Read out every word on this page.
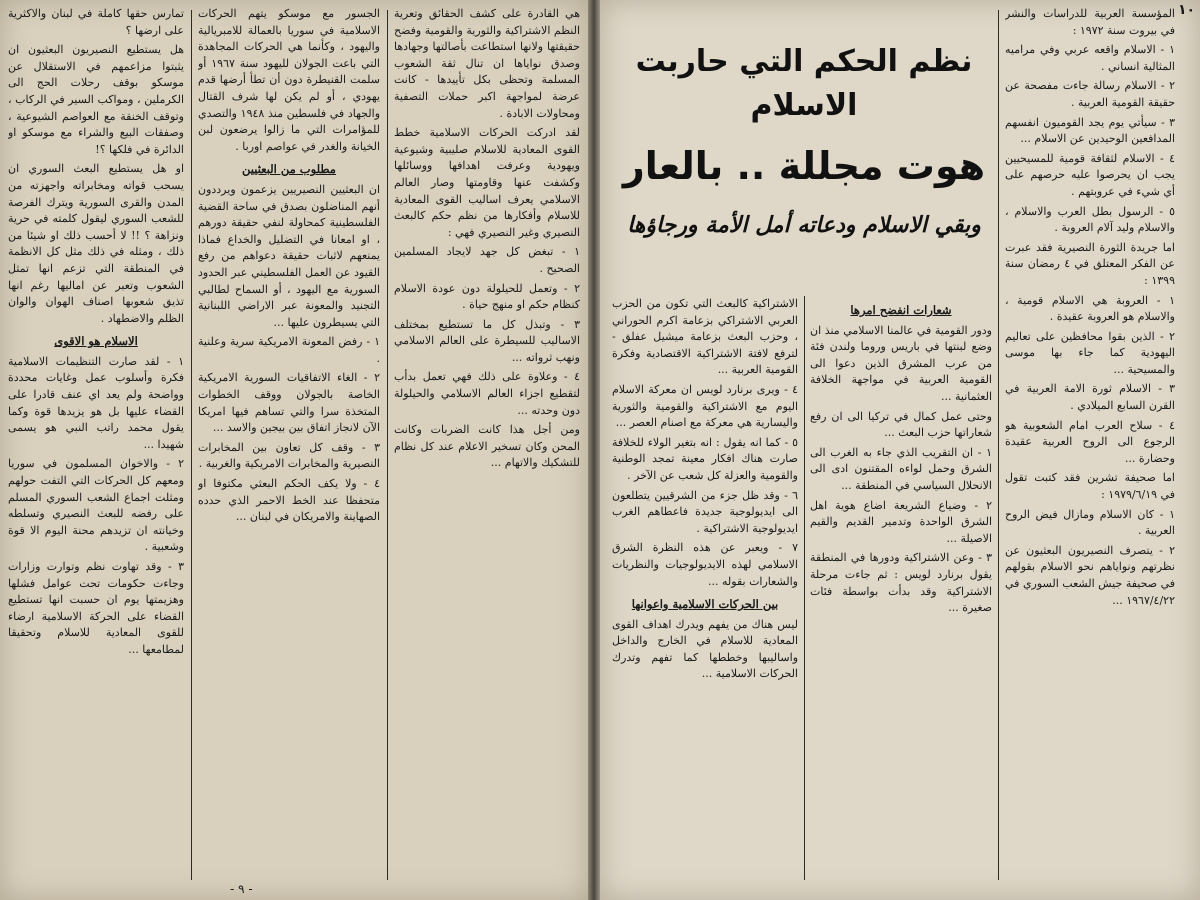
تمارس حقها كاملة في لبنان والاكثرية على ارضها ؟

هل يستطيع النصيريون البعثيون ان يثبتوا مزاعمهم في الاستقلال عن موسكو بوقف رحلات الحج الى الكرملين ، ومواكب السير في الركاب ، وتوقف الخنقة مع العواصم الشيوعية ، وصفقات البيع والشراء مع موسكو او الدائرة في فلكها ؟!

او هل يستطيع البعث السوري ان يسحب قواته ومخابراته واجهزته من المدن والقرى السورية ويترك الفرصة للشعب السوري ليقول كلمته في حرية ونزاهة ؟ !! لا أحسب ذلك او شيئا من ذلك ، ومثله في ذلك مثل كل الانظمة في المنطقة التي تزعم انها تمثل الشعوب وتعبر عن اماليها رغم انها تذيق شعوبها اصناف الهوان والوان الظلم والاضطهاد .

الاسلام هو الاقوى

١ - لقد صارت التنظيمات الاسلامية فكرة وأسلوب عمل وغايات محددة وواضحة ولم يعد اي عنف قادرا على القضاء عليها بل هو يزيدها قوة وكما يقول محمد راتب النبي هو يسمى شهيدا ...

٢ - والاخوان المسلمون في سوريا ومعهم كل الحركات التي التفت حولهم ومثلت اجماع الشعب السوري المسلم على رفضه للبعث النصيري وتسلطه وخيانته ان تزيدهم محنة اليوم الا قوة وشعبية .

٣ - وقد تهاوت نظم وتوارت وزارات وجاءت حكومات تحت عوامل فشلها وهزيمتها يوم ان حسبت انها تستطيع القضاء على الحركة الاسلامية ارضاء للقوى المعادية للاسلام وتحقيقا لمطامعها ...

الجسور مع موسكو يتهم الحركات الاسلامية في سوريا بالعمالة للامبريالية واليهود ، وكأنما هي الحركات المجاهدة التي باعت الجولان لليهود سنة ١٩٦٧ أو سلمت القنيطرة دون أن تطأ أرضها قدم يهودي ، أو لم يكن لها شرف القتال والجهاد في فلسطين منذ ١٩٤٨ والتصدي للمؤامرات التي ما زالوا يرضعون لبن الخيانة والغدر في عواصم اوربا .

مطلوب من البعثيين

ان البعثيين النصيريين يزعمون ويرددون أنهم المناضلون بصدق في ساحة القضية الفلسطينية كمحاولة لنفي حقيقة دورهم ، او امعانا في التضليل والخداع فماذا يمنعهم لاثبات حقيقة دعواهم من رفع القيود عن العمل الفلسطيني عبر الحدود السورية مع اليهود ، أو السماح لطالبي التجنيد والمعونة عبر الاراضي اللبنانية التي يسيطرون عليها ...

١ - رفض المعونة الامريكية سرية وعلنية .

٢ - الغاء الاتفاقيات السورية الامريكية الخاصة بالجولان ووقف الخطوات المتخذة سرا والتي تساهم فيها امريكا الآن لانجاز اتفاق بين بيجين والاسد ...

٣ - وقف كل تعاون بين المخابرات النصيرية والمخابرات الامريكية والغربية .

٤ - ولا يكف الحكم البعثي مكتوفا او متحفظا عند الخط الاحمر الذي حدده الصهاينة والامريكان في لبنان ...

هي القادرة على كشف الحقائق وتعرية النظم الاشتراكية والثورية والقومية وفضح حقيقتها ولانها استطاعت بأصالتها وجهادها وصدق نواياها ان تنال ثقة الشعوب المسلمة وتحظى بكل تأييدها - كانت عرضة لمواجهة اكبر حملات التصفية ومحاولات الابادة .

لقد ادركت الحركات الاسلامية خطط القوى المعادية للاسلام صليبية وشيوعية ويهودية وعرفت اهدافها ووسائلها وكشفت عنها وقاومتها وصار العالم الاسلامي يعرف اساليب القوى المعادية للاسلام وأفكارها من نظم حكم كالبعث النصيري وغير النصيري فهي :

١ - تبغض كل جهد لايجاد المسلمين الصحيح .

٢ - وتعمل للحيلولة دون عودة الاسلام كنظام حكم او منهج حياة .

٣ - وتبذل كل ما تستطيع بمختلف الاساليب للسيطرة على العالم الاسلامي ونهب ثرواته ...

٤ - وعلاوة على ذلك فهي تعمل بدأب لتقطيع اجزاء العالم الاسلامي والحيلولة دون وحدته ...

ومن أجل هذا كانت الضربات وكانت المحن وكان تسخير الاعلام عند كل نظام للتشكيك والاتهام ...

- ٩ -

الاشتراكية كالبعث التي تكون من الحزب العربي الاشتراكي بزعامة اكرم الحوراني ، وحزب البعث بزعامة ميشيل عفلق - لترفع لافتة الاشتراكية الاقتصادية وفكرة القومية العربية ...

٤ - ويرى برنارد لويس ان معركة الاسلام اليوم مع الاشتراكية والقومية والثورية واليسارية هي معركة مع اصنام العصر ...

٥ - كما انه يقول : انه بتغير الولاء للخلافة صارت هناك افكار معينة تمجد الوطنية والقومية والعزلة كل شعب عن الآخر .

٦ - وقد ظل جزء من الشرقيين يتطلعون الى ايديولوجية جديدة فاعطاهم الغرب ايديولوجية الاشتراكية .

٧ - ويعبر عن هذه النظرة الشرق الاسلامي لهذه الايديولوجيات والنظريات والشعارات بقوله ...

بين الحركات الاسلامية واعوانها

ليس هناك من يفهم ويدرك اهداف القوى المعادية للاسلام في الخارج والداخل واساليبها وخططها كما تفهم وتدرك الحركات الاسلامية ...

شعارات انفضح امرها

ودور القومية في عالمنا الاسلامي منذ ان وضع لبنتها في باريس وروما ولندن فئة من عرب المشرق الذين دعوا الى القومية العربية في مواجهة الخلافة العثمانية ...

وحتى عمل كمال في تركيا الى ان رفع شعاراتها حزب البعث ...

١ - ان التقريب الذي جاء به الغرب الى الشرق وحمل لواءه المقتنون ادى الى الانحلال السياسي في المنطقة ...

٢ - وضياع الشريعة اضاع هوية اهل الشرق الواحدة وتدمير القديم والقيم الاصيلة ...

٣ - وعن الاشتراكية ودورها في المنطقة يقول برنارد لويس : ثم جاءت مرحلة الاشتراكية وقد بدأت بواسطة فئات صغيرة ...

المؤسسة العربية للدراسات والنشر في بيروت سنة ١٩٧٢ :

١ - الاسلام واقعه عربي وفي مراميه المثالية انساني .

٢ - الاسلام رسالة جاءت مفصحة عن حقيقة القومية العربية .

٣ - سيأتي يوم يجد القوميون انفسهم المدافعين الوحيدين عن الاسلام ...

٤ - الاسلام لثقافة قومية للمسيحيين يجب ان يحرصوا عليه حرصهم على أي شيء في عروبتهم .

٥ - الرسول بطل العرب والاسلام ، والاسلام وليد آلام العروبة .

اما جريدة الثورة النصيرية فقد عبرت عن الفكر المعتلق في ٤ رمضان سنة ١٣٩٩ :

١ - العروبة هي الاسلام قومية ، والاسلام هو العروبة عقيدة .

٢ - الذين بقوا محافظين على تعاليم اليهودية كما جاء بها موسى والمسيحية ...

٣ - الاسلام ثورة الامة العربية في القرن السابع الميلادي .

٤ - سلاح العرب امام الشعوبية هو الرجوع الى الروح العربية عقيدة وحضارة ...

اما صحيفة تشرين فقد كتبت تقول في ١٩٧٩/٦/١٩ :

١ - كان الاسلام ومازال فيض الروح العربية .

٢ - يتصرف النصيريون البعثيون عن نظرتهم ونواياهم نحو الاسلام بقولهم في صحيفة جيش الشعب السوري في ١٩٦٧/٤/٢٢ ...

١٠
نظم الحكم التي حاربت الاسلام
هوت مجللة .. بالعار
وبقي الاسلام ودعاته أمل الأمة ورجاؤها
